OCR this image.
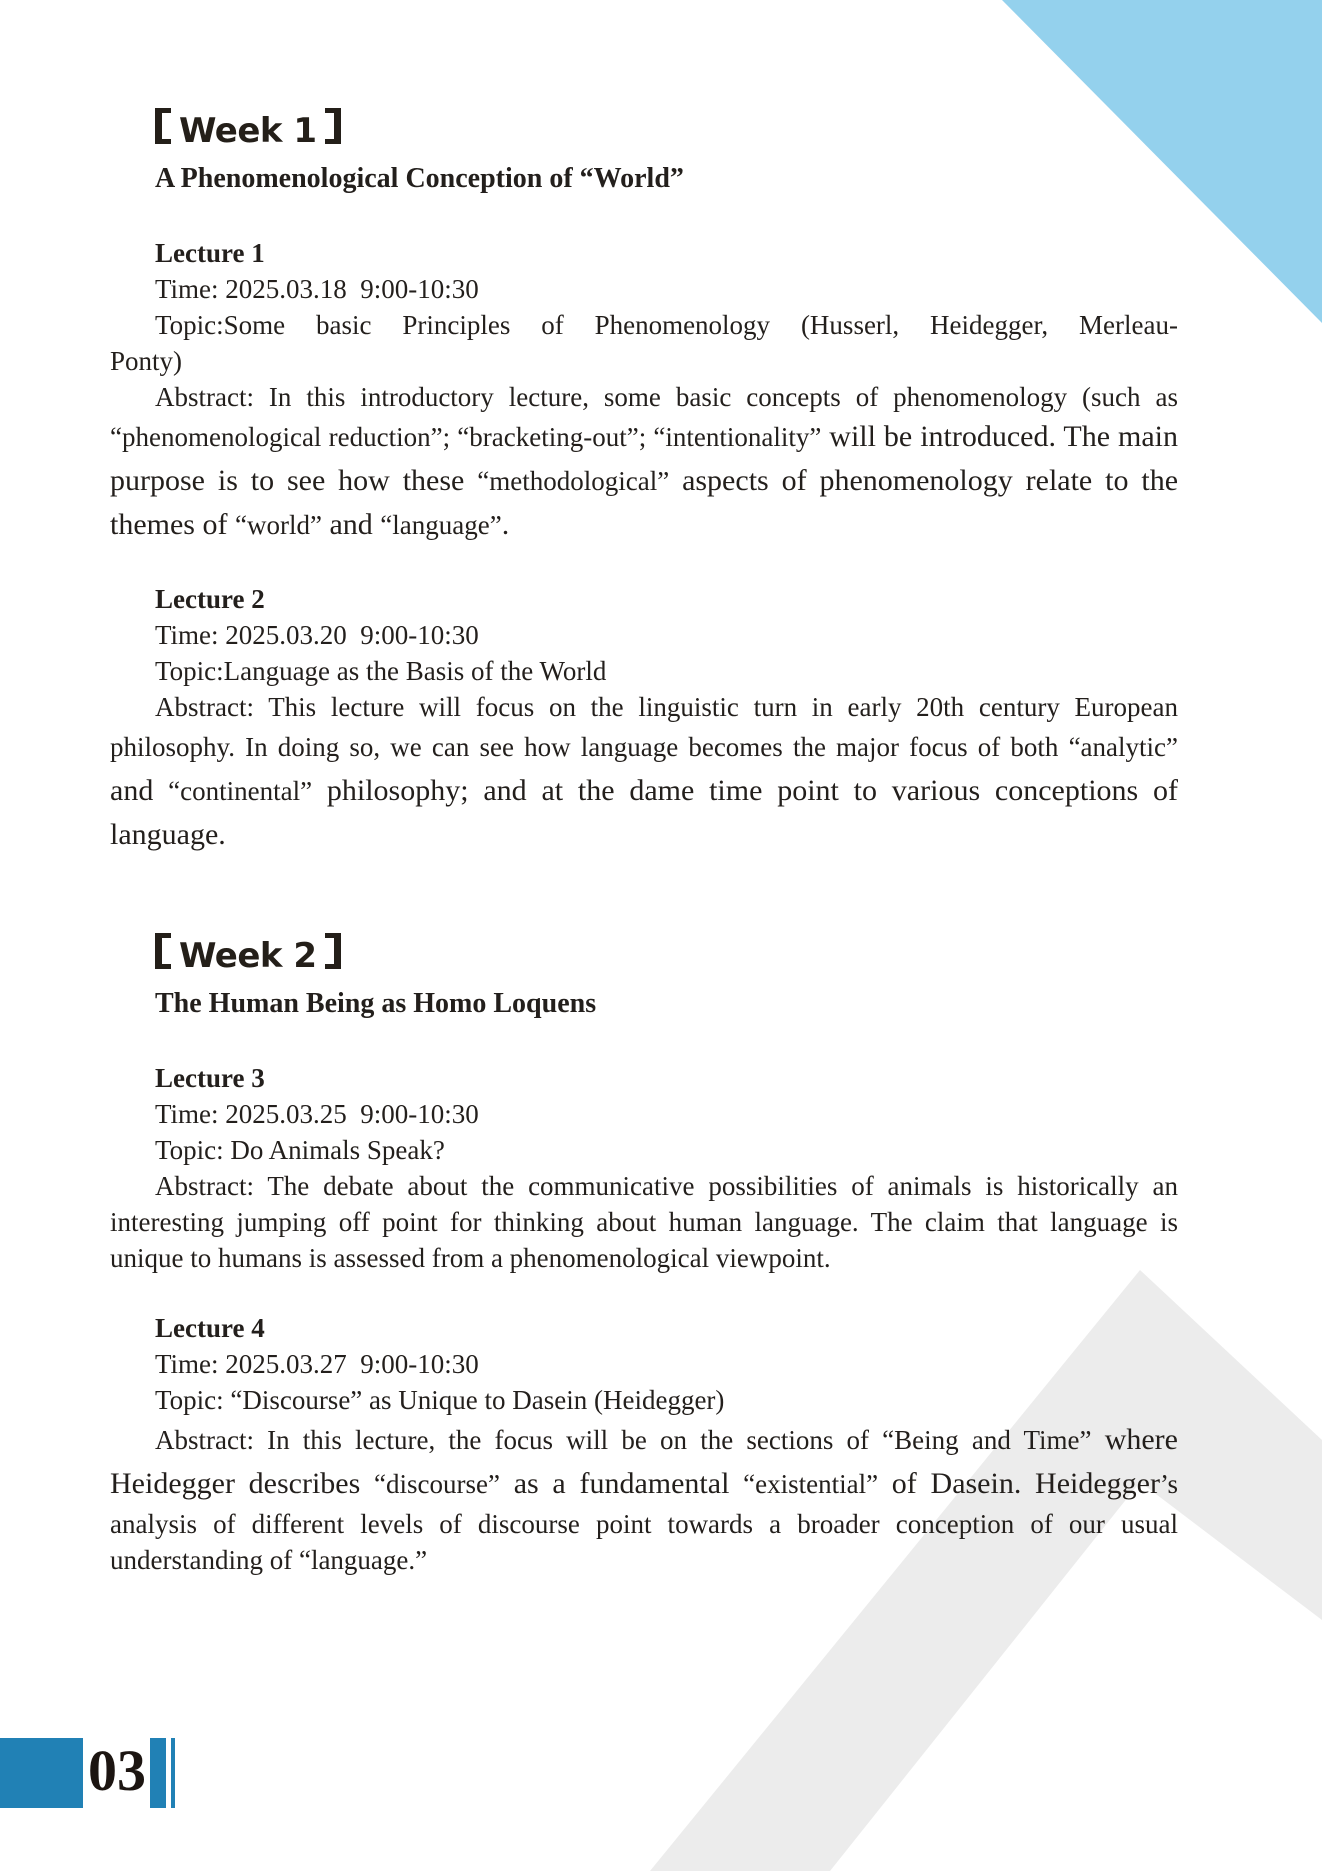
Week 1
A Phenomenological Conception of “World”
Lecture 1

Time: 2025.03.18 9:00-10:30

Topic:Some basic Principles of Phenomenology (Husserl, Heidegger, Merleau-Ponty)

Abstract: In this introductory lecture, some basic concepts of phenomenology (such as “phenomenological reduction”; “bracketing-out”; “intentionality” will be introduced. The main purpose is to see how these “methodological” aspects of phenomenology relate to the themes of “world” and “language”.

Lecture 2

Time: 2025.03.20 9:00-10:30

Topic:Language as the Basis of the World

Abstract: This lecture will focus on the linguistic turn in early 20th century European philosophy. In doing so, we can see how language becomes the major focus of both “analytic” and “continental” philosophy; and at the dame time point to various conceptions of language.

Week 2
The Human Being as Homo Loquens
Lecture 3

Time: 2025.03.25 9:00-10:30

Topic: Do Animals Speak?

Abstract: The debate about the communicative possibilities of animals is historically an interesting jumping off point for thinking about human language. The claim that language is unique to humans is assessed from a phenomenological viewpoint.

Lecture 4

Time: 2025.03.27 9:00-10:30

Topic: “Discourse” as Unique to Dasein (Heidegger)

Abstract: In this lecture, the focus will be on the sections of “Being and Time” where Heidegger describes “discourse” as a fundamental “existential” of Dasein. Heidegger’s analysis of different levels of discourse point towards a broader conception of our usual understanding of “language.”

03
